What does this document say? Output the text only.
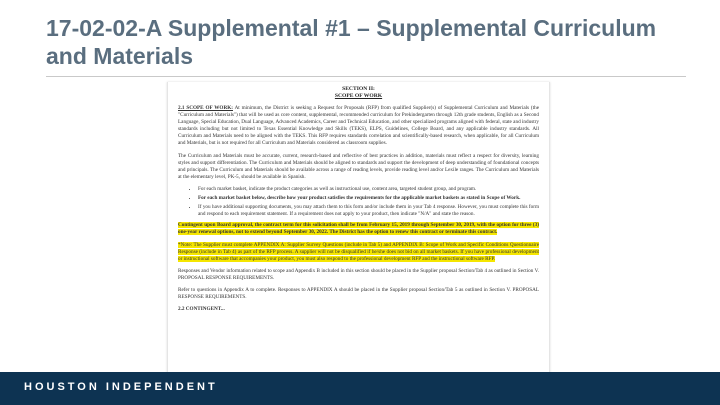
17-02-02-A Supplemental #1 – Supplemental Curriculum and Materials
SECTION II:
SCOPE OF WORK

2.1 SCOPE OF WORK: At minimum, the District is seeking a Request for Proposals (RFP) from qualified Supplier(s) of Supplemental Curriculum and Materials (the "Curriculum and Materials") that will be used as core content, supplemental, recommended curriculum for Prekindergarten through 12th grade students, English as a Second Language, Special Education, Dual Language, Advanced Academics, Career and Technical Education, and other specialized programs aligned with federal, state and industry standards including but not limited to Texas Essential Knowledge and Skills (TEKS), ELPS, Guidelines, College Board, and any applicable industry standards. All Curriculum and Materials need to be aligned with the TEKS. This RFP requires standards correlation and scientifically-based research, when applicable, for all Curriculum and Materials, but is not required for all Curriculum and Materials considered as classroom supplies.

The Curriculum and Materials must be accurate, current, research-based and reflective of best practices in addition, materials must reflect a respect for diversity, learning styles and support differentiation. The Curriculum and Materials should be aligned to standards and support the development of deep understanding of foundational concepts and principals. The Curriculum and Materials should be available across a range of reading levels, provide reading level and/or Lexile ranges. The Curriculum and Materials at the elementary level, PK-5, should be available in Spanish.

• For each market basket, indicate the product categories as well as instructional use, content area, targeted student group, and program.
• For each market basket below, describe how your product satisfies the requirements for the applicable market baskets as stated in Scope of Work.
• If you have additional supporting documents, you may attach them to this form and/or include them in your Tab 4 response. However, you must complete this form and respond to each requirement statement. If a requirement does not apply to your product, then indicate "N/A" and state the reason.

Contingent upon Board approval, the contract term for this solicitation shall be from February 15, 2019 through September 30, 2019, with the option for three (3) one-year renewal options, not to extend beyond September 30, 2022. The District has the option to renew this contract or terminate this contract.

*Note: The Supplier must complete APPENDIX A: Supplier Survey Questions (include in Tab 5) and APPENDIX B: Scope of Work and Specific Conditions Questionnaire Response (include in Tab 4) as part of the RFP process. A supplier will not be disqualified if he/she does not bid on all market baskets. If you have professional development or instructional software that accompanies your product, you must also respond to the professional development RFP and the instructional software RFP.

Responses and Vendor information related to scope and Appendix B included in this section should be placed in the Supplier proposal Section/Tab 4 as outlined in Section V. PROPOSAL RESPONSE REQUIREMENTS.

Refer to questions in Appendix A to complete. Responses to APPENDIX A should be placed in the Supplier proposal Section/Tab 5 as outlined in Section V. PROPOSAL RESPONSE REQUIREMENTS.

2.2 CONTINGENT...

HOUSTON INDEPENDENT
